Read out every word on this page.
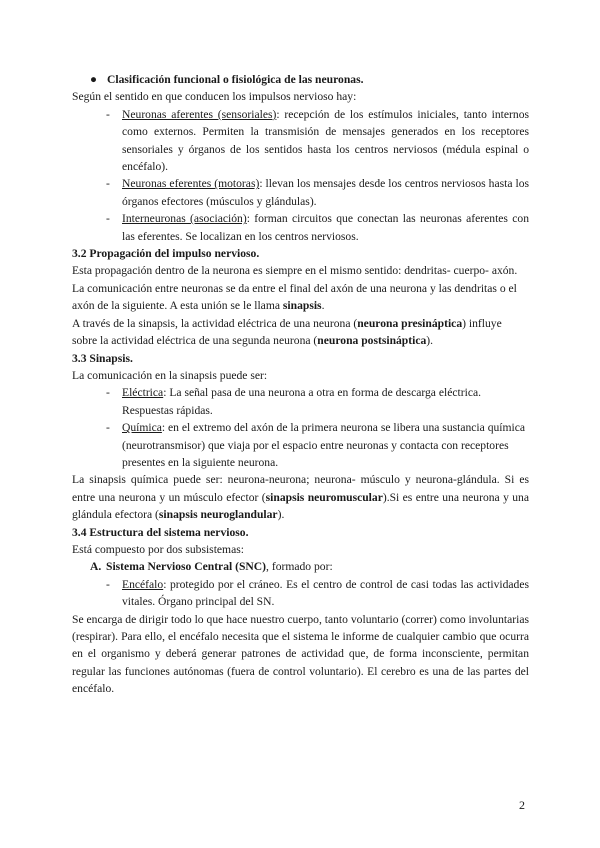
● Clasificación funcional o fisiológica de las neuronas.

Según el sentido en que conducen los impulsos nervioso hay:

- Neuronas aferentes (sensoriales): recepción de los estímulos iniciales, tanto internos como externos. Permiten la transmisión de mensajes generados en los receptores sensoriales y órganos de los sentidos hasta los centros nerviosos (médula espinal o encéfalo).
- Neuronas eferentes (motoras): llevan los mensajes desde los centros nerviosos hasta los órganos efectores (músculos y glándulas).
- Interneuronas (asociación): forman circuitos que conectan las neuronas aferentes con las eferentes. Se localizan en los centros nerviosos.

3.2 Propagación del impulso nervioso.

Esta propagación dentro de la neurona es siempre en el mismo sentido: dendritas- cuerpo- axón.

La comunicación entre neuronas se da entre el final del axón de una neurona y las dendritas o el axón de la siguiente. A esta unión se le llama sinapsis.

A través de la sinapsis, la actividad eléctrica de una neurona (neurona presináptica) influye sobre la actividad eléctrica de una segunda neurona (neurona postsináptica).

3.3 Sinapsis.

La comunicación en la sinapsis puede ser:

- Eléctrica: La señal pasa de una neurona a otra en forma de descarga eléctrica. Respuestas rápidas.
- Química: en el extremo del axón de la primera neurona se libera una sustancia química (neurotransmisor) que viaja por el espacio entre neuronas y contacta con receptores presentes en la siguiente neurona.

La sinapsis química puede ser: neurona-neurona; neurona- músculo y neurona-glándula. Si es entre una neurona y un músculo efector (sinapsis neuromuscular).Si es entre una neurona y una glándula efectora (sinapsis neuroglandular).

3.4 Estructura del sistema nervioso.

Está compuesto por dos subsistemas:

A. Sistema Nervioso Central (SNC), formado por:

- Encéfalo: protegido por el cráneo. Es el centro de control de casi todas las actividades vitales. Órgano principal del SN.

Se encarga de dirigir todo lo que hace nuestro cuerpo, tanto voluntario (correr) como involuntarias (respirar). Para ello, el encéfalo necesita que el sistema le informe de cualquier cambio que ocurra en el organismo y deberá generar patrones de actividad que, de forma inconsciente, permitan regular las funciones autónomas (fuera de control voluntario). El cerebro es una de las partes del encéfalo.

2
